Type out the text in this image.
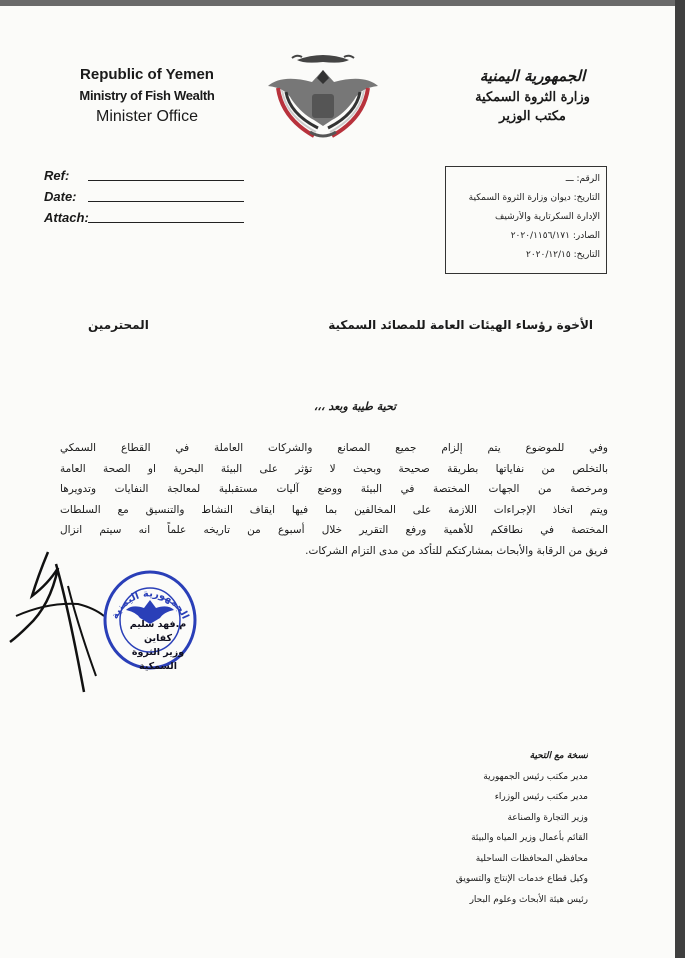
Republic of Yemen
Ministry of Fish Wealth
Minister Office
الجمهورية اليمنية
وزارة الثروة السمكية
مكتب الوزير
Ref:
Date:
Attach:
الرقم: ـــ
التاريخ: ديوان وزارة الثروة السمكية
الإدارة السكرتارية والأرشيف
الصادر: ٢٠٢٠/١١٥٦/١٧١
التاريخ: ٢٠٢٠/١٢/١٥
الأخوة رؤساء الهيئات العامة للمصائد السمكية
المحترمين
تحية طيبة وبعد ،،،
وفي للموضوع يتم إلزام جميع المصانع والشركات العاملة في القطاع السمكي
بالتخلص من نفاياتها بطريقة صحيحة وبحيث لا تؤثر على البيئة البحرية او الصحة العامة
ومرخصة من الجهات المختصة في البيئة ووضع آليات مستقبلية لمعالجة النفايات وتدويرها
ويتم اتخاذ الإجراءات اللازمة على المخالفين بما فيها ايقاف النشاط والتنسيق مع السلطات
المختصة في نطاقكم للأهمية ورفع التقرير خلال أسبوع من تاريخه علماً انه سيتم انزال
فريق من الرقابة والأبحاث بمشاركتكم للتأكد من مدى التزام الشركات.
الجمهورية اليمنية
م.فهد سليم كفاين
وزير الثروة السمكية
نسخة مع التحية
مدير مكتب رئيس الجمهورية
مدير مكتب رئيس الوزراء
وزير التجارة والصناعة
القائم بأعمال وزير المياه والبيئة
محافظي المحافظات الساحلية
وكيل قطاع خدمات الإنتاج والتسويق
رئيس هيئة الأبحاث وعلوم البحار
